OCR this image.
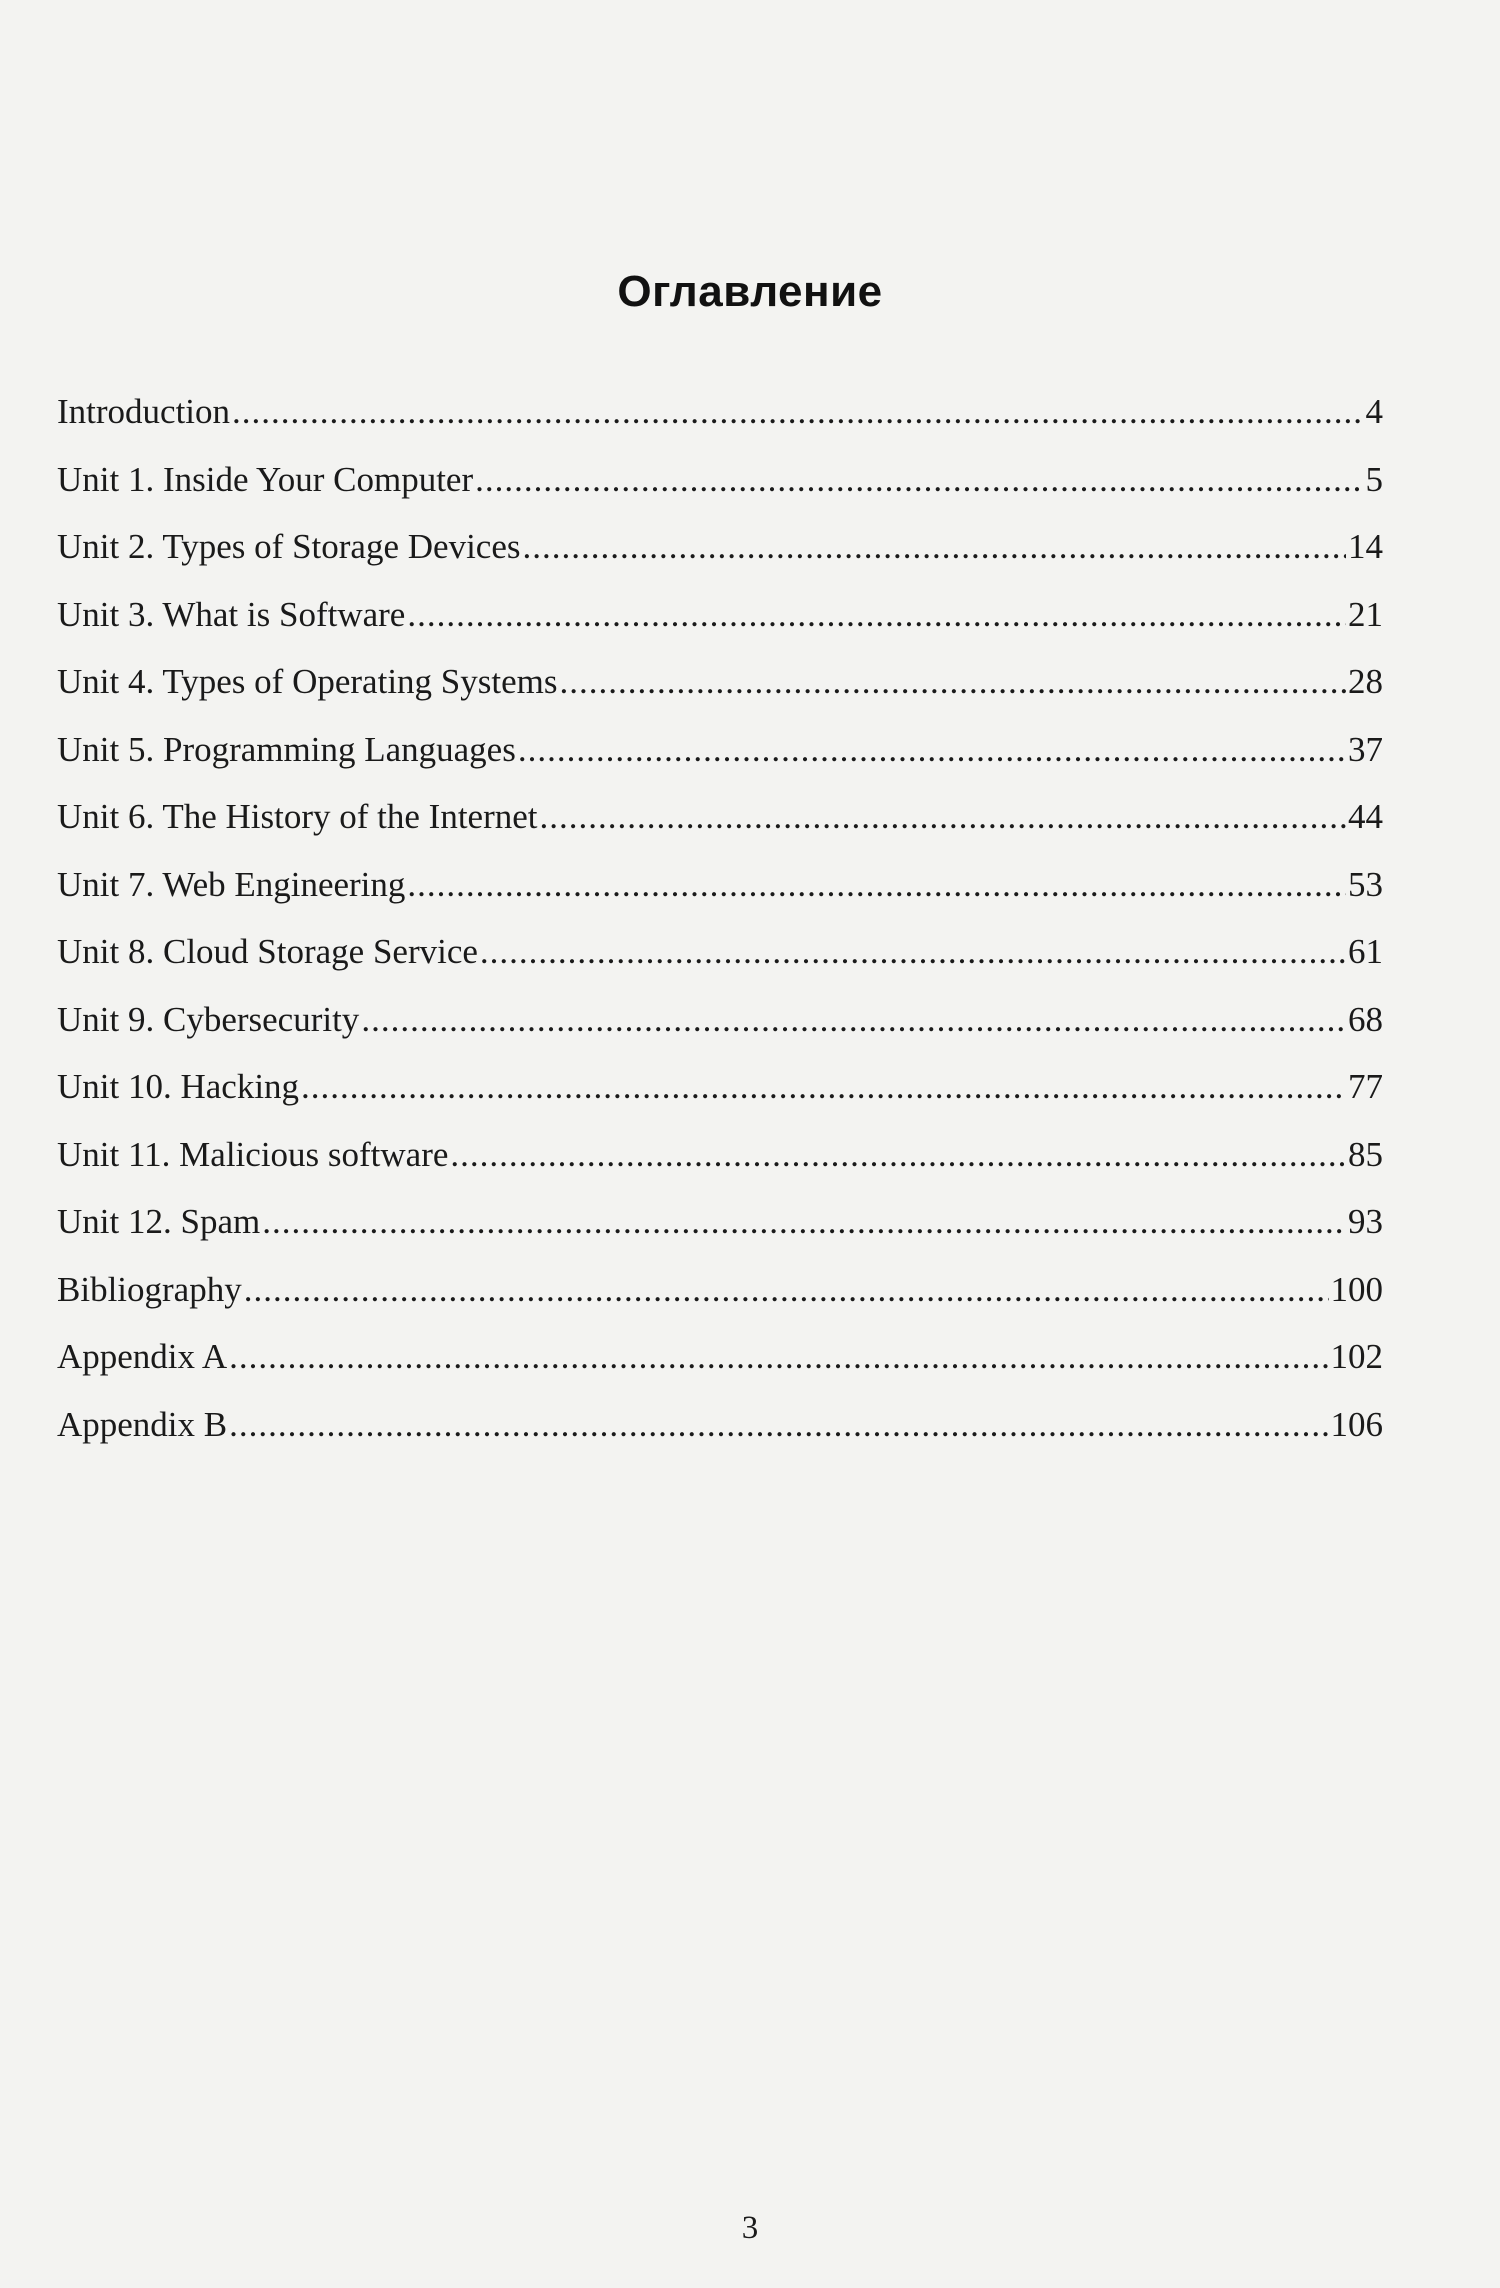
Оглавление
Introduction .....	4
Unit 1. Inside Your Computer .....	5
Unit 2. Types of Storage Devices .....	14
Unit 3. What is Software .....	21
Unit 4. Types of Operating Systems .....	28
Unit 5. Programming Languages .....	37
Unit 6. The History of the Internet .....	44
Unit 7. Web Engineering .....	53
Unit 8. Cloud Storage Service .....	61
Unit 9. Cybersecurity .....	68
Unit 10. Hacking .....	77
Unit 11. Malicious software .....	85
Unit 12. Spam .....	93
Bibliography .....	100
Appendix A .....	102
Appendix B .....	106
3
